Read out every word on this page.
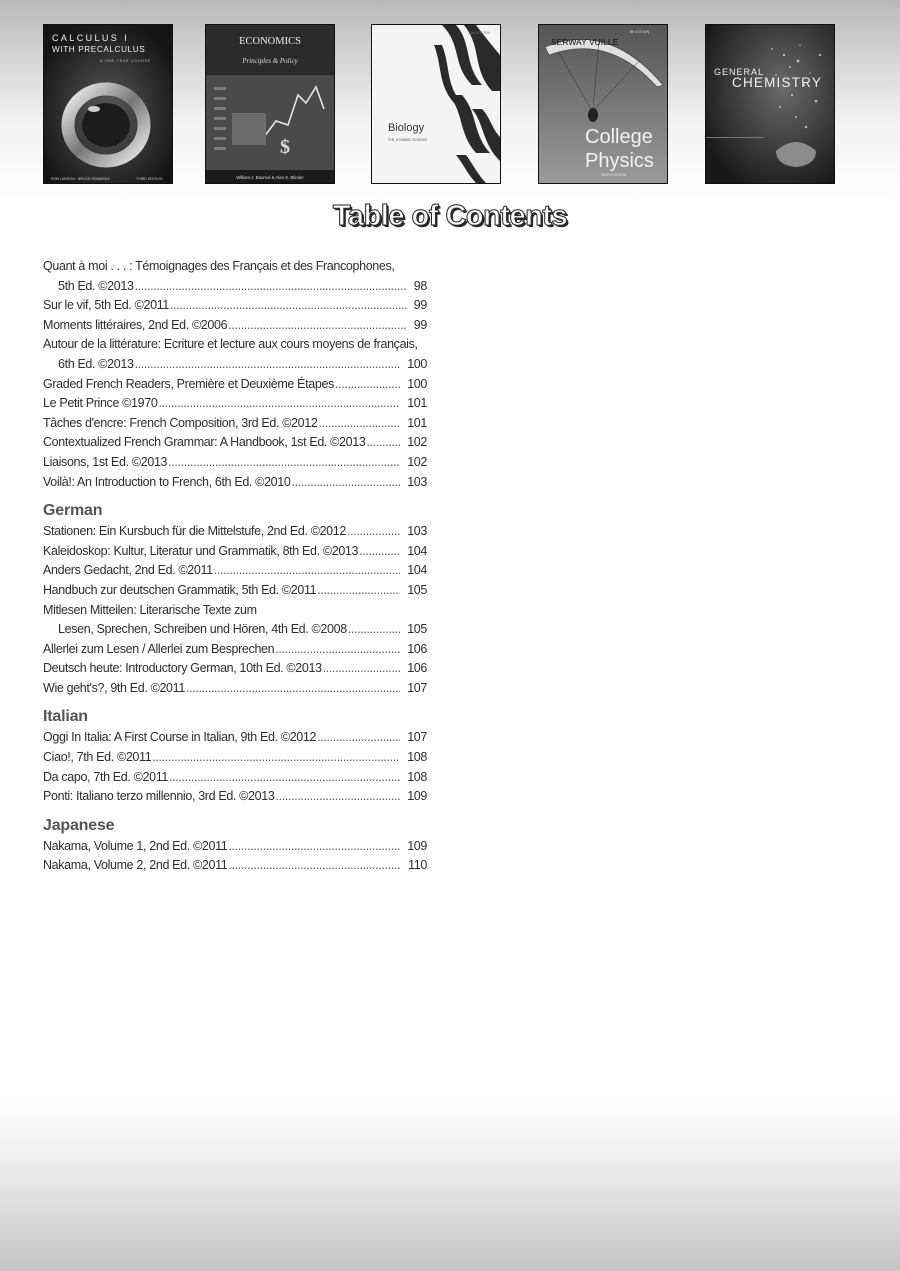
CALCULUS I
WITH PRECALCULUS
A ONE-YEAR COURSE
RON LARSON · BRUCE EDWARDS	THIRD EDITION
$
ECONOMICS
Principles & Policy
William J. Baumol & Alan S. Blinder
10th EDITION
Biology
THE DYNAMIC SCIENCE
9th EDITION
SERWAY VUILLE
College
Physics
NINTH EDITION
GENERAL
CHEMISTRY
Table of Contents
Quant à moi . . . : Témoignages des Français et des Francophones,
5th Ed. ©2013 .....	98
Sur le vif, 5th Ed. ©2011 .....	99
Moments littéraires, 2nd Ed. ©2006 .....	99
Autour de la littérature: Ecriture et lecture aux cours moyens de français,
6th Ed. ©2013 .....	100
Graded French Readers, Première et Deuxième Étapes .....	100
Le Petit Prince ©1970 .....	101
Tâches d'encre: French Composition, 3rd Ed. ©2012 .....	101
Contextualized French Grammar: A Handbook, 1st Ed. ©2013 .....	102
Liaisons, 1st Ed. ©2013 .....	102
Voilà!: An Introduction to French, 6th Ed. ©2010 .....	103
German
Stationen: Ein Kursbuch für die Mittelstufe, 2nd Ed. ©2012 .....	103
Kaleidoskop: Kultur, Literatur und Grammatik, 8th Ed. ©2013 .....	104
Anders Gedacht, 2nd Ed. ©2011 .....	104
Handbuch zur deutschen Grammatik, 5th Ed. ©2011 .....	105
Mitlesen Mitteilen: Literarische Texte zum
Lesen, Sprechen, Schreiben und Hören, 4th Ed. ©2008 .....	105
Allerlei zum Lesen / Allerlei zum Besprechen .....	106
Deutsch heute: Introductory German, 10th Ed. ©2013 .....	106
Wie geht's?, 9th Ed. ©2011 .....	107
Italian
Oggi In Italia: A First Course in Italian, 9th Ed. ©2012 .....	107
Ciao!, 7th Ed. ©2011 .....	108
Da capo, 7th Ed. ©2011 .....	108
Ponti: Italiano terzo millennio, 3rd Ed. ©2013 .....	109
Japanese
Nakama, Volume 1, 2nd Ed. ©2011 .....	109
Nakama, Volume 2, 2nd Ed. ©2011 .....	110
